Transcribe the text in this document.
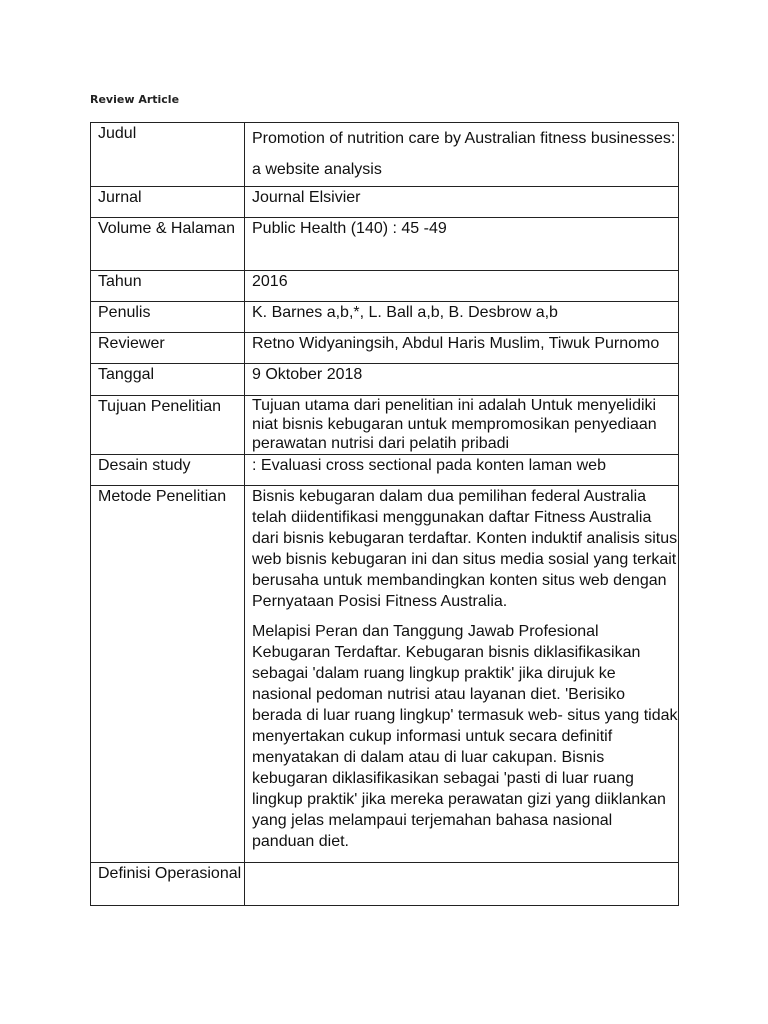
Review Article
Judul	Promotion of nutrition care by Australian fitness businesses: a website analysis
Jurnal	Journal Elsivier
Volume & Halaman	Public Health (140) : 45 -49
Tahun	2016
Penulis	K. Barnes a,b,*, L. Ball a,b, B. Desbrow a,b
Reviewer	Retno Widyaningsih, Abdul Haris Muslim, Tiwuk Purnomo
Tanggal	9 Oktober 2018
Tujuan Penelitian	Tujuan utama dari penelitian ini adalah Untuk menyelidiki niat bisnis kebugaran untuk mempromosikan penyediaan perawatan nutrisi dari pelatih pribadi
Desain study	: Evaluasi cross sectional pada konten laman web
Metode Penelitian	Bisnis kebugaran dalam dua pemilihan federal Australia telah diidentifikasi menggunakan daftar Fitness Australia dari bisnis kebugaran terdaftar. Konten induktif analisis situs web bisnis kebugaran ini dan situs media sosial yang terkait berusaha untuk membandingkan konten situs web dengan Pernyataan Posisi Fitness Australia.

Melapisi Peran dan Tanggung Jawab Profesional Kebugaran Terdaftar. Kebugaran bisnis diklasifikasikan sebagai 'dalam ruang lingkup praktik' jika dirujuk ke nasional pedoman nutrisi atau layanan diet. 'Berisiko berada di luar ruang lingkup' termasuk web- situs yang tidak menyertakan cukup informasi untuk secara definitif menyatakan di dalam atau di luar cakupan. Bisnis kebugaran diklasifikasikan sebagai 'pasti di luar ruang lingkup praktik' jika mereka perawatan gizi yang diiklankan yang jelas melampaui terjemahan bahasa nasional panduan diet.

Definisi Operasional	
